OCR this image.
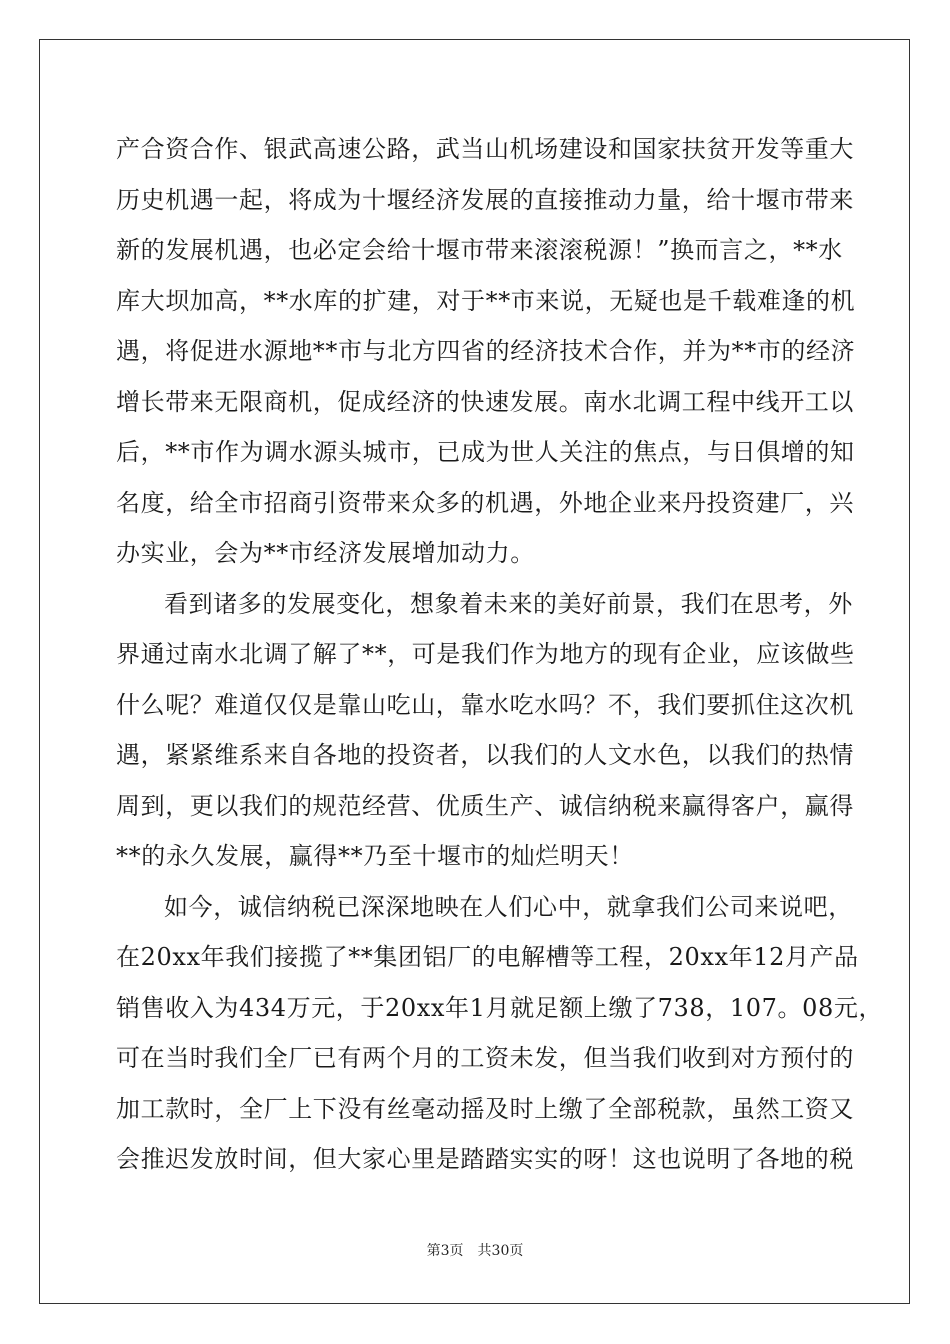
产合资合作、银武高速公路，武当山机场建设和国家扶贫开发等重大
历史机遇一起，将成为十堰经济发展的直接推动力量，给十堰市带来
新的发展机遇，也必定会给十堰市带来滚滚税源！”换而言之，**水
库大坝加高，**水库的扩建，对于**市来说，无疑也是千载难逢的机
遇，将促进水源地**市与北方四省的经济技术合作，并为**市的经济
增长带来无限商机，促成经济的快速发展。南水北调工程中线开工以
后，**市作为调水源头城市，已成为世人关注的焦点，与日俱增的知
名度，给全市招商引资带来众多的机遇，外地企业来丹投资建厂，兴
办实业，会为**市经济发展增加动力。
看到诸多的发展变化，想象着未来的美好前景，我们在思考，外
界通过南水北调了解了**，可是我们作为地方的现有企业，应该做些
什么呢？难道仅仅是靠山吃山，靠水吃水吗？不，我们要抓住这次机
遇，紧紧维系来自各地的投资者，以我们的人文水色，以我们的热情
周到，更以我们的规范经营、优质生产、诚信纳税来赢得客户，赢得
**的永久发展，赢得**乃至十堰市的灿烂明天！
如今，诚信纳税已深深地映在人们心中，就拿我们公司来说吧，
在20xx年我们接揽了**集团铝厂的电解槽等工程，20xx年12月产品
销售收入为434万元，于20xx年1月就足额上缴了738，107。08元，
可在当时我们全厂已有两个月的工资未发，但当我们收到对方预付的
加工款时，全厂上下没有丝毫动摇及时上缴了全部税款，虽然工资又
会推迟发放时间，但大家心里是踏踏实实的呀！这也说明了各地的税
第3页 共30页
